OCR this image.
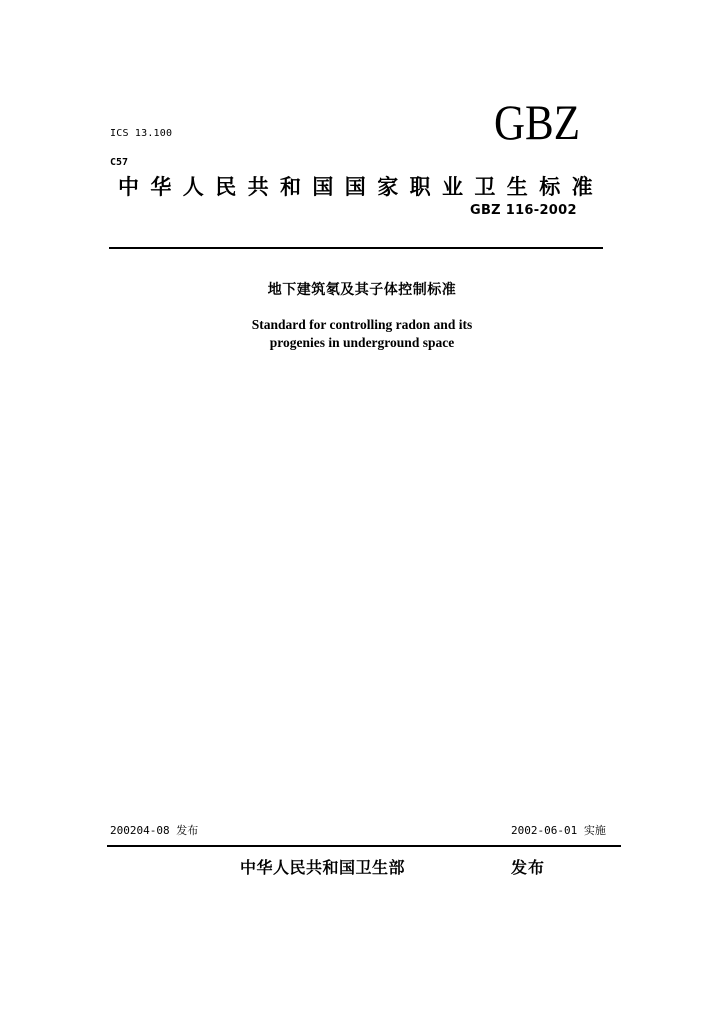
ICS 13.100
C57
GBZ
中华人民共和国国家职业卫生标准
GBZ 116-2002
地下建筑氡及其子体控制标准
Standard for controlling radon and its
progenies in underground space
200204-08 发布	2002-06-01 实施
中华人民共和国卫生部	发布
